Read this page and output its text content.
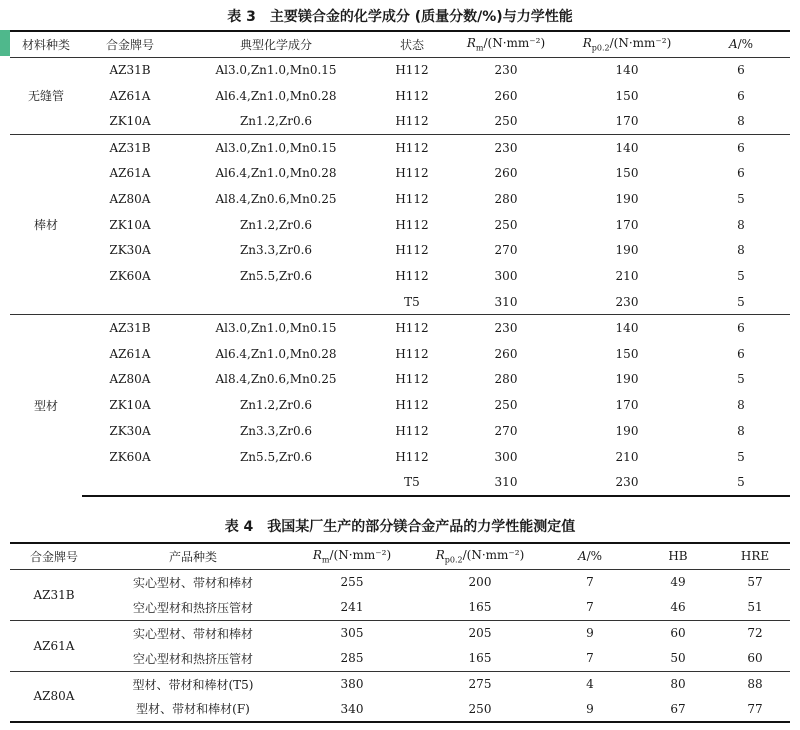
表 3　主要镁合金的化学成分 (质量分数/%)与力学性能
材料种类	合金牌号	典型化学成分	状态	$R_m/(N\cdot mm^{-2})$	$R_{p0.2}/(N\cdot mm^{-2})$	A/%
无缝管	AZ31B	Al3.0,Zn1.0,Mn0.15	H112	230	140	6
	AZ61A	Al6.4,Zn1.0,Mn0.28	H112	260	150	6
	ZK10A	Zn1.2,Zr0.6	H112	250	170	8
棒材	AZ31B	Al3.0,Zn1.0,Mn0.15	H112	230	140	6
	AZ61A	Al6.4,Zn1.0,Mn0.28	H112	260	150	6
	AZ80A	Al8.4,Zn0.6,Mn0.25	H112	280	190	5
	ZK10A	Zn1.2,Zr0.6	H112	250	170	8
	ZK30A	Zn3.3,Zr0.6	H112	270	190	8
	ZK60A	Zn5.5,Zr0.6	H112	300	210	5
			T5	310	230	5
型材	AZ31B	Al3.0,Zn1.0,Mn0.15	H112	230	140	6
	AZ61A	Al6.4,Zn1.0,Mn0.28	H112	260	150	6
	AZ80A	Al8.4,Zn0.6,Mn0.25	H112	280	190	5
	ZK10A	Zn1.2,Zr0.6	H112	250	170	8
	ZK30A	Zn3.3,Zr0.6	H112	270	190	8
	ZK60A	Zn5.5,Zr0.6	H112	300	210	5
			T5	310	230	5
表 4　我国某厂生产的部分镁合金产品的力学性能测定值
合金牌号	产品种类	$R_m/(N\cdot mm^{-2})$	$R_{p0.2}/(N\cdot mm^{-2})$	A/%	HB	HRE
AZ31B	实心型材、带材和棒材	255	200	7	49	57
	空心型材和热挤压管材	241	165	7	46	51
AZ61A	实心型材、带材和棒材	305	205	9	60	72
	空心型材和热挤压管材	285	165	7	50	60
AZ80A	型材、带材和棒材(T5)	380	275	4	80	88
	型材、带材和棒材(F)	340	250	9	67	77
